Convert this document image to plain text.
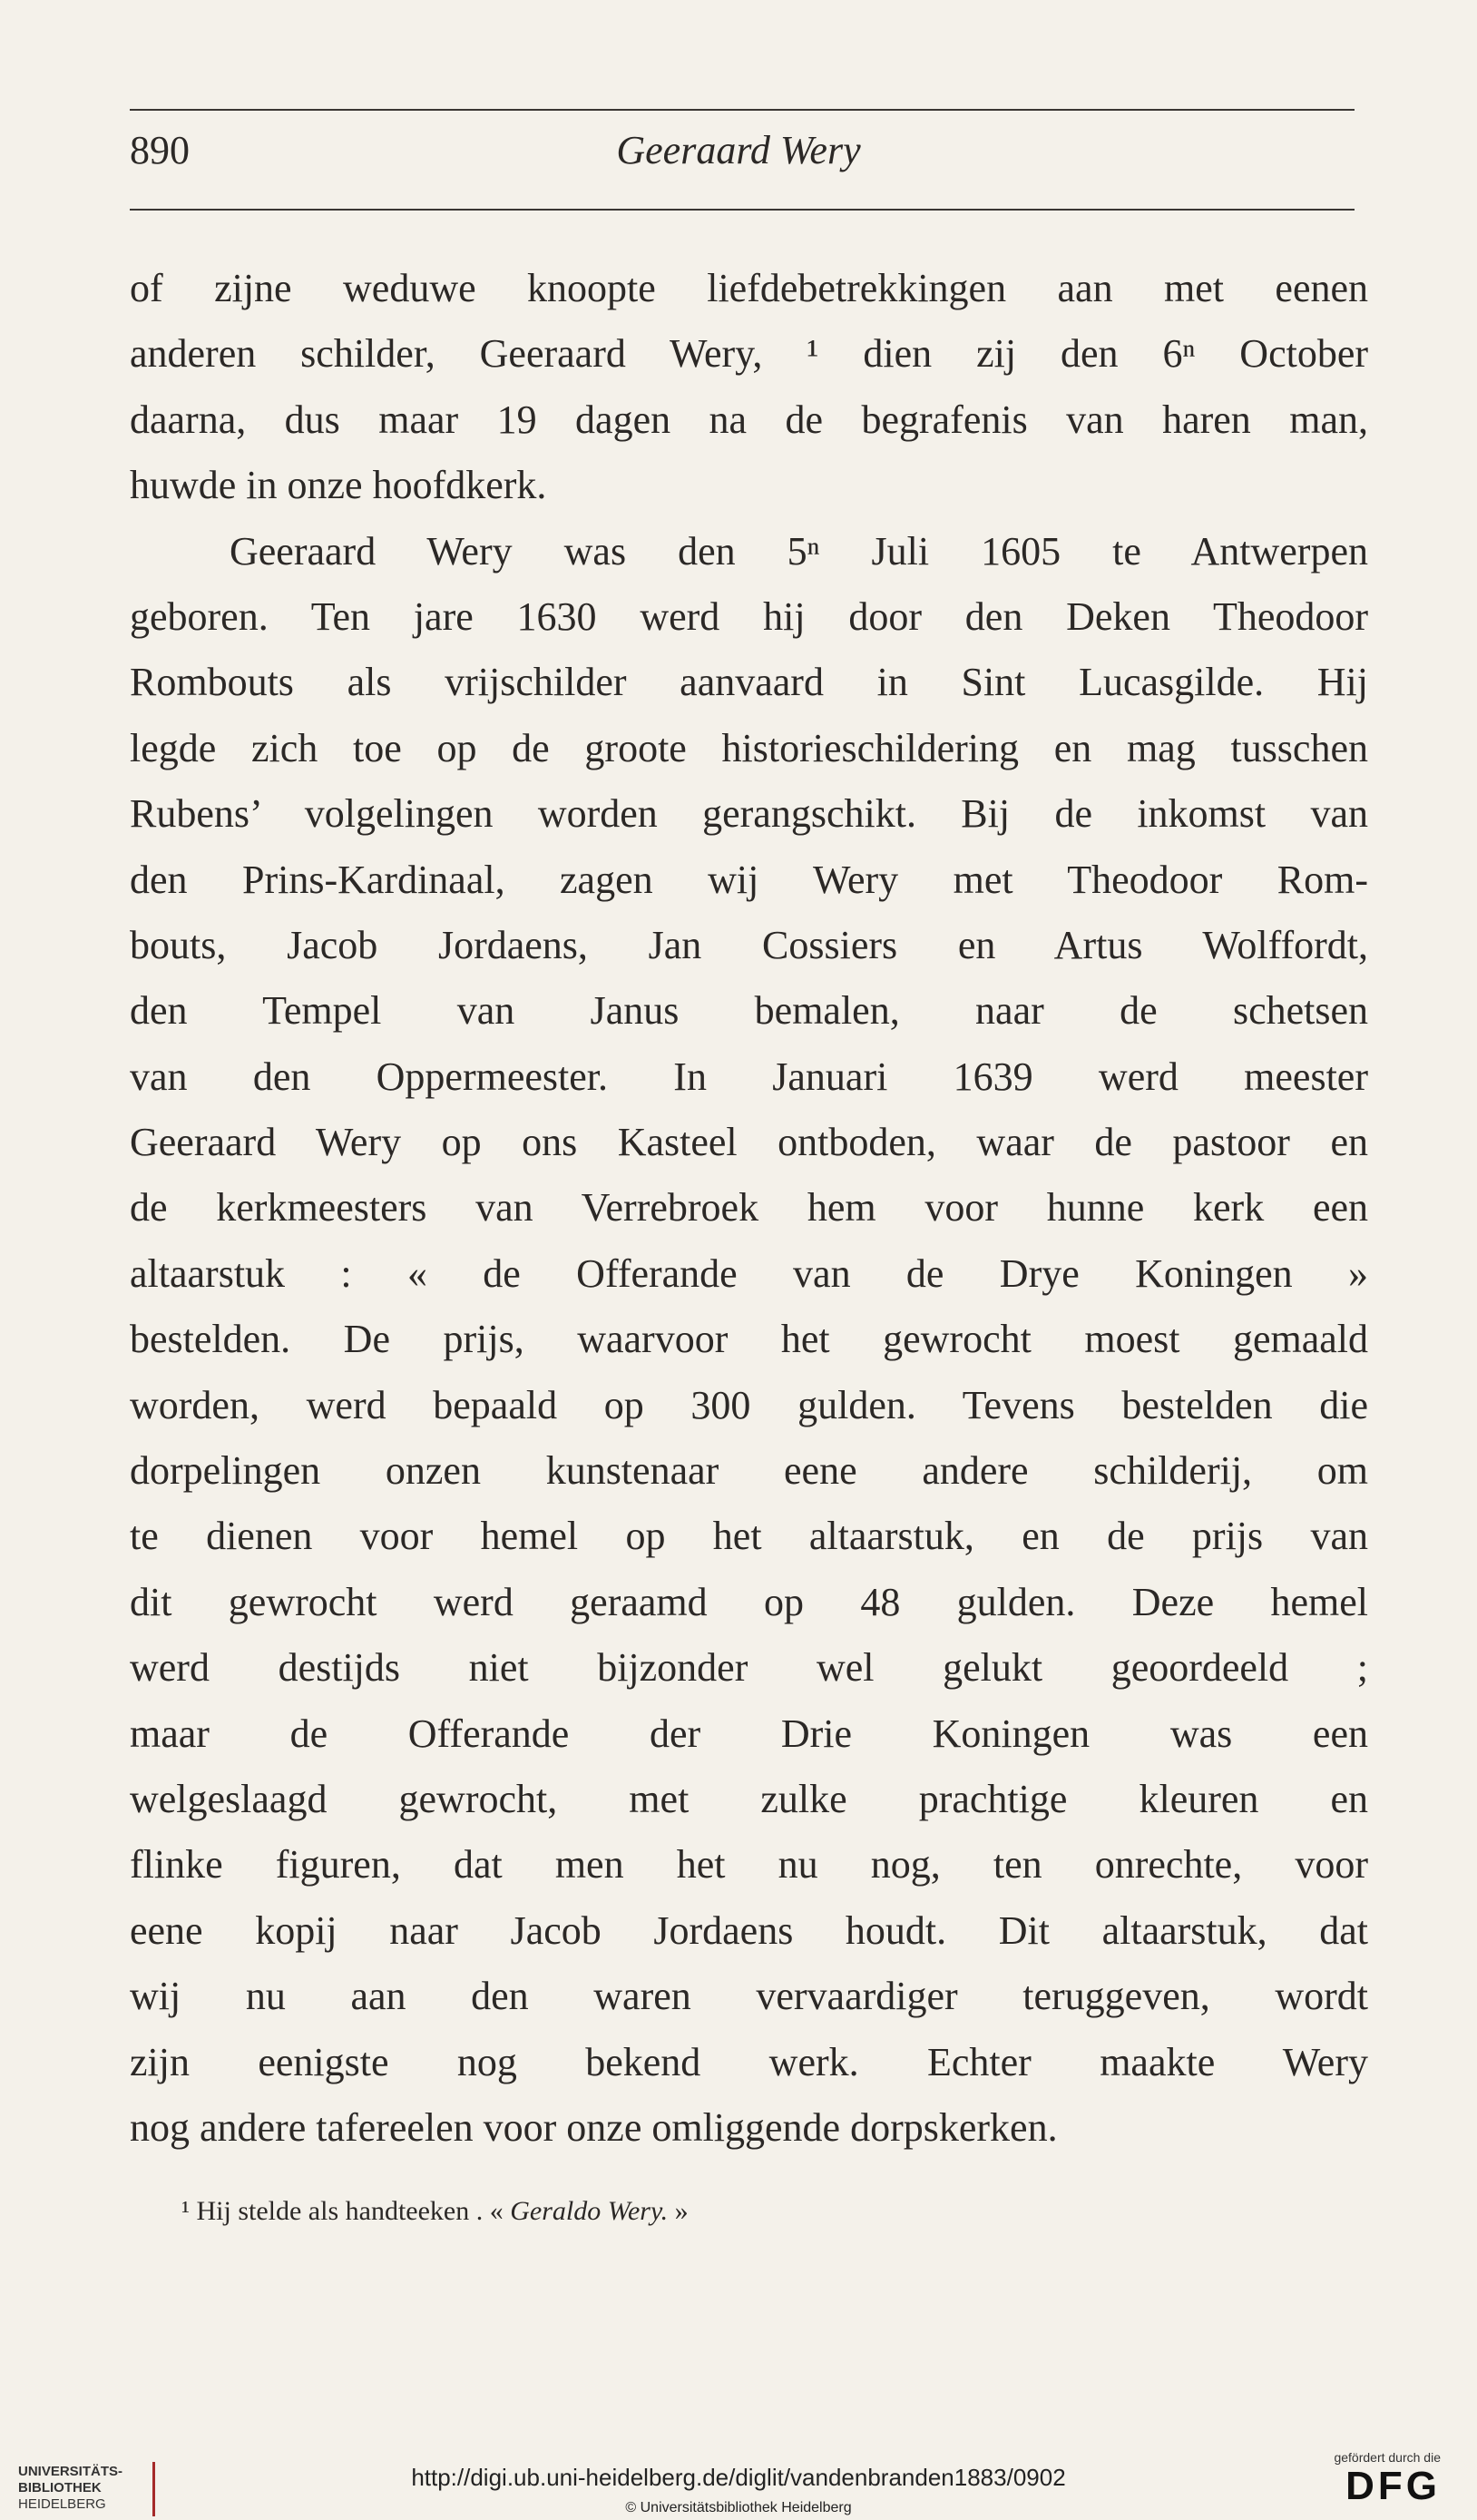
890	Geeraard Wery
of zijne weduwe knoopte liefdebetrekkingen aan met eenen
anderen schilder, Geeraard Wery, ¹ dien zij den 6ⁿ October
daarna, dus maar 19 dagen na de begrafenis van haren man,
huwde in onze hoofdkerk.
Geeraard Wery was den 5ⁿ Juli 1605 te Antwerpen
geboren. Ten jare 1630 werd hij door den Deken Theodoor
Rombouts als vrijschilder aanvaard in Sint Lucasgilde. Hij
legde zich toe op de groote historieschildering en mag tusschen
Rubens’ volgelingen worden gerangschikt. Bij de inkomst van
den Prins-Kardinaal, zagen wij Wery met Theodoor Rom-
bouts, Jacob Jordaens, Jan Cossiers en Artus Wolffordt,
den Tempel van Janus bemalen, naar de schetsen
van den Oppermeester. In Januari 1639 werd meester
Geeraard Wery op ons Kasteel ontboden, waar de pastoor en
de kerkmeesters van Verrebroek hem voor hunne kerk een
altaarstuk : « de Offerande van de Drye Koningen »
bestelden. De prijs, waarvoor het gewrocht moest gemaald
worden, werd bepaald op 300 gulden. Tevens bestelden die
dorpelingen onzen kunstenaar eene andere schilderij, om
te dienen voor hemel op het altaarstuk, en de prijs van
dit gewrocht werd geraamd op 48 gulden. Deze hemel
werd destijds niet bijzonder wel gelukt geoordeeld ;
maar de Offerande der Drie Koningen was een
welgeslaagd gewrocht, met zulke prachtige kleuren en
flinke figuren, dat men het nu nog, ten onrechte, voor
eene kopij naar Jacob Jordaens houdt. Dit altaarstuk, dat
wij nu aan den waren vervaardiger teruggeven, wordt
zijn eenigste nog bekend werk. Echter maakte Wery
nog andere tafereelen voor onze omliggende dorpskerken.
¹ Hij stelde als handteeken . « Geraldo Wery. »
UNIVERSITÄTS-
BIBLIOTHEK
HEIDELBERG
http://digi.ub.uni-heidelberg.de/diglit/vandenbranden1883/0902
© Universitätsbibliothek Heidelberg
gefördert durch die
DFG
